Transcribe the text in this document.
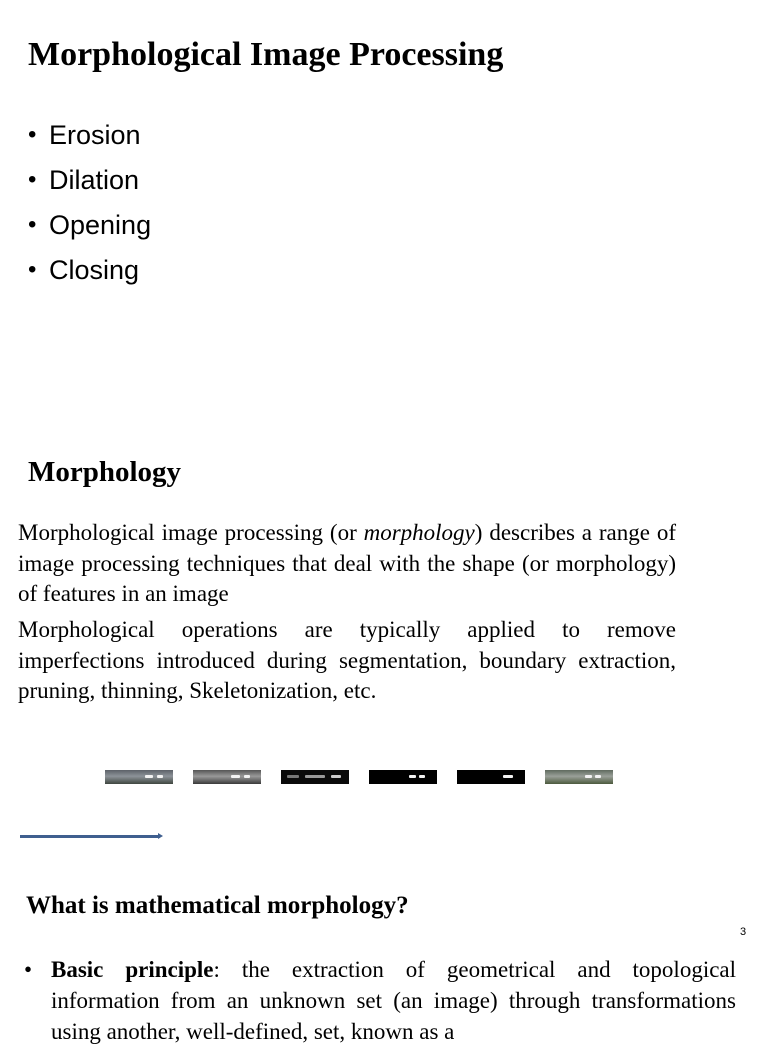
Morphological Image Processing
• Erosion
• Dilation
• Opening
• Closing
Morphology

Morphological image processing (or morphology) describes a range of image processing techniques that deal with the shape (or morphology) of features in an image

Morphological operations are typically applied to remove imperfections introduced during segmentation, boundary extraction, pruning, thinning, Skeletonization, etc.

What is mathematical morphology?
3

• Basic principle: the extraction of geometrical and topological information from an unknown set (an image) through transformations using another, well-defined, set, known as a
